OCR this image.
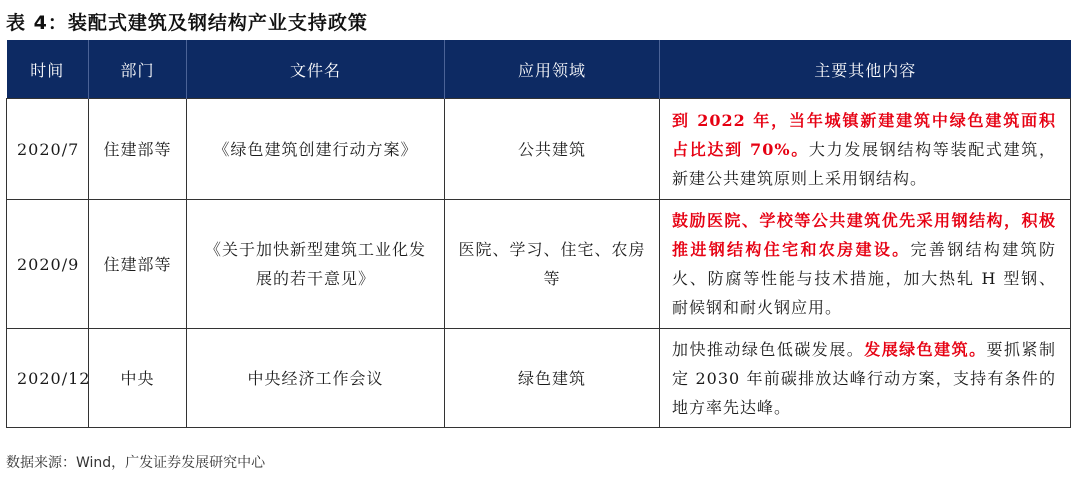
表 4：装配式建筑及钢结构产业支持政策
时间	部门	文件名	应用领域	主要其他内容
2020/7	住建部等	《绿色建筑创建行动方案》	公共建筑	到 2022 年，当年城镇新建建筑中绿色建筑面积占比达到 70%。大力发展钢结构等装配式建筑，新建公共建筑原则上采用钢结构。
2020/9	住建部等	《关于加快新型建筑工业化发展的若干意见》	医院、学习、住宅、农房等	鼓励医院、学校等公共建筑优先采用钢结构，积极推进钢结构住宅和农房建设。完善钢结构建筑防火、防腐等性能与技术措施，加大热轧 H 型钢、耐候钢和耐火钢应用。
2020/12	中央	中央经济工作会议	绿色建筑	加快推动绿色低碳发展。发展绿色建筑。要抓紧制定 2030 年前碳排放达峰行动方案，支持有条件的地方率先达峰。
数据来源：Wind，广发证券发展研究中心
